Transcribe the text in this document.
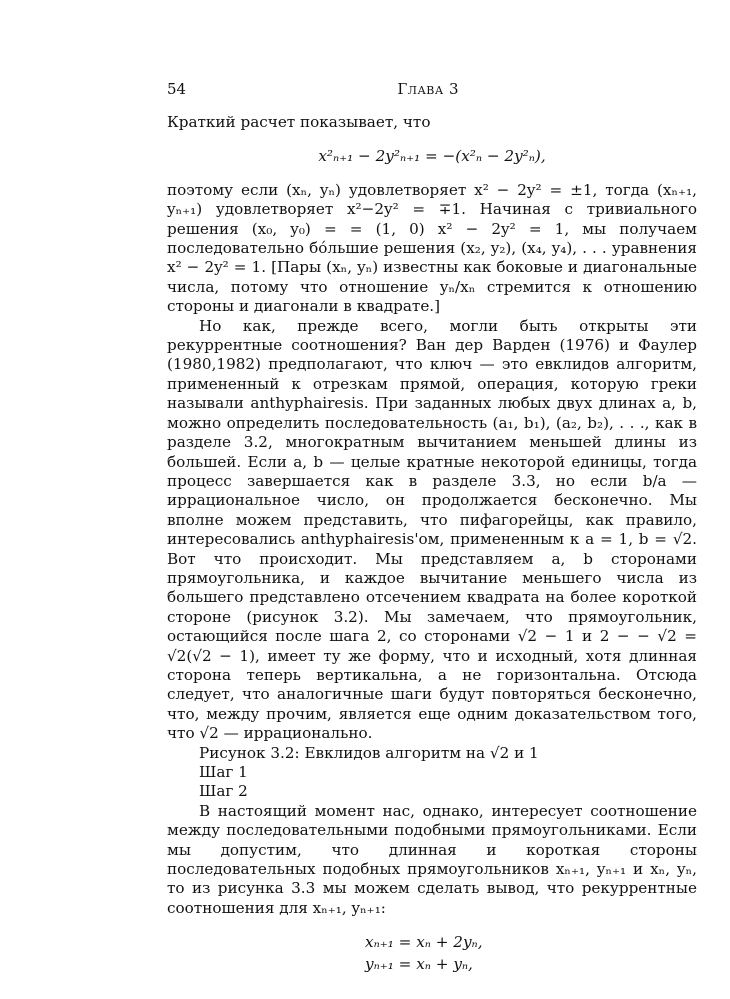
54	Глава 3

Краткий расчет показывает, что

x²ₙ₊₁ − 2y²ₙ₊₁ = −(x²ₙ − 2y²ₙ),

поэтому если (xₙ, yₙ) удовлетворяет x² − 2y² = ±1, тогда (xₙ₊₁, yₙ₊₁) удовлетворяет x²−2y² = ∓1. Начиная с тривиального решения (x₀, y₀) = = (1, 0) x² − 2y² = 1, мы получаем последовательно бо́льшие решения (x₂, y₂), (x₄, y₄), . . . уравнения x² − 2y² = 1. [Пары (xₙ, yₙ) известны как боковые и диагональные числа, потому что отношение yₙ/xₙ стремится к отношению стороны и диагонали в квадрате.]

Но как, прежде всего, могли быть открыты эти рекуррентные соотношения? Ван дер Варден (1976) и Фаулер (1980,1982) предполагают, что ключ — это евклидов алгоритм, примененный к отрезкам прямой, операция, которую греки называли anthyphairesis. При заданных любых двух длинах a, b, можно определить последовательность (a₁, b₁), (a₂, b₂), . . ., как в разделе 3.2, многократным вычитанием меньшей длины из большей. Если a, b — целые кратные некоторой единицы, тогда процесс завершается как в разделе 3.3, но если b/a — иррациональное число, он продолжается бесконечно. Мы вполне можем представить, что пифагорейцы, как правило, интересовались anthyphairesis'ом, примененным к a = 1, b = √2. Вот что происходит. Мы представляем a, b сторонами прямоугольника, и каждое вычитание меньшего числа из большего представлено отсечением квадрата на более короткой стороне (рисунок 3.2). Мы замечаем, что прямоугольник, остающийся после шага 2, со сторонами √2 − 1 и 2 − − √2 = √2(√2 − 1), имеет ту же форму, что и исходный, хотя длинная сторона теперь вертикальна, а не горизонтальна. Отсюда следует, что аналогичные шаги будут повторяться бесконечно, что, между прочим, является еще одним доказательством того, что √2 — иррационально.

Рисунок 3.2: Евклидов алгоритм на √2 и 1

Шаг 1

Шаг 2

В настоящий момент нас, однако, интересует соотношение между последовательными подобными прямоугольниками. Если мы допустим, что длинная и короткая стороны последовательных подобных прямоугольников xₙ₊₁, yₙ₊₁ и xₙ, yₙ, то из рисунка 3.3 мы можем сделать вывод, что рекуррентные соотношения для xₙ₊₁, yₙ₊₁:

xₙ₊₁ = xₙ + 2yₙ,
yₙ₊₁ = xₙ + yₙ,
